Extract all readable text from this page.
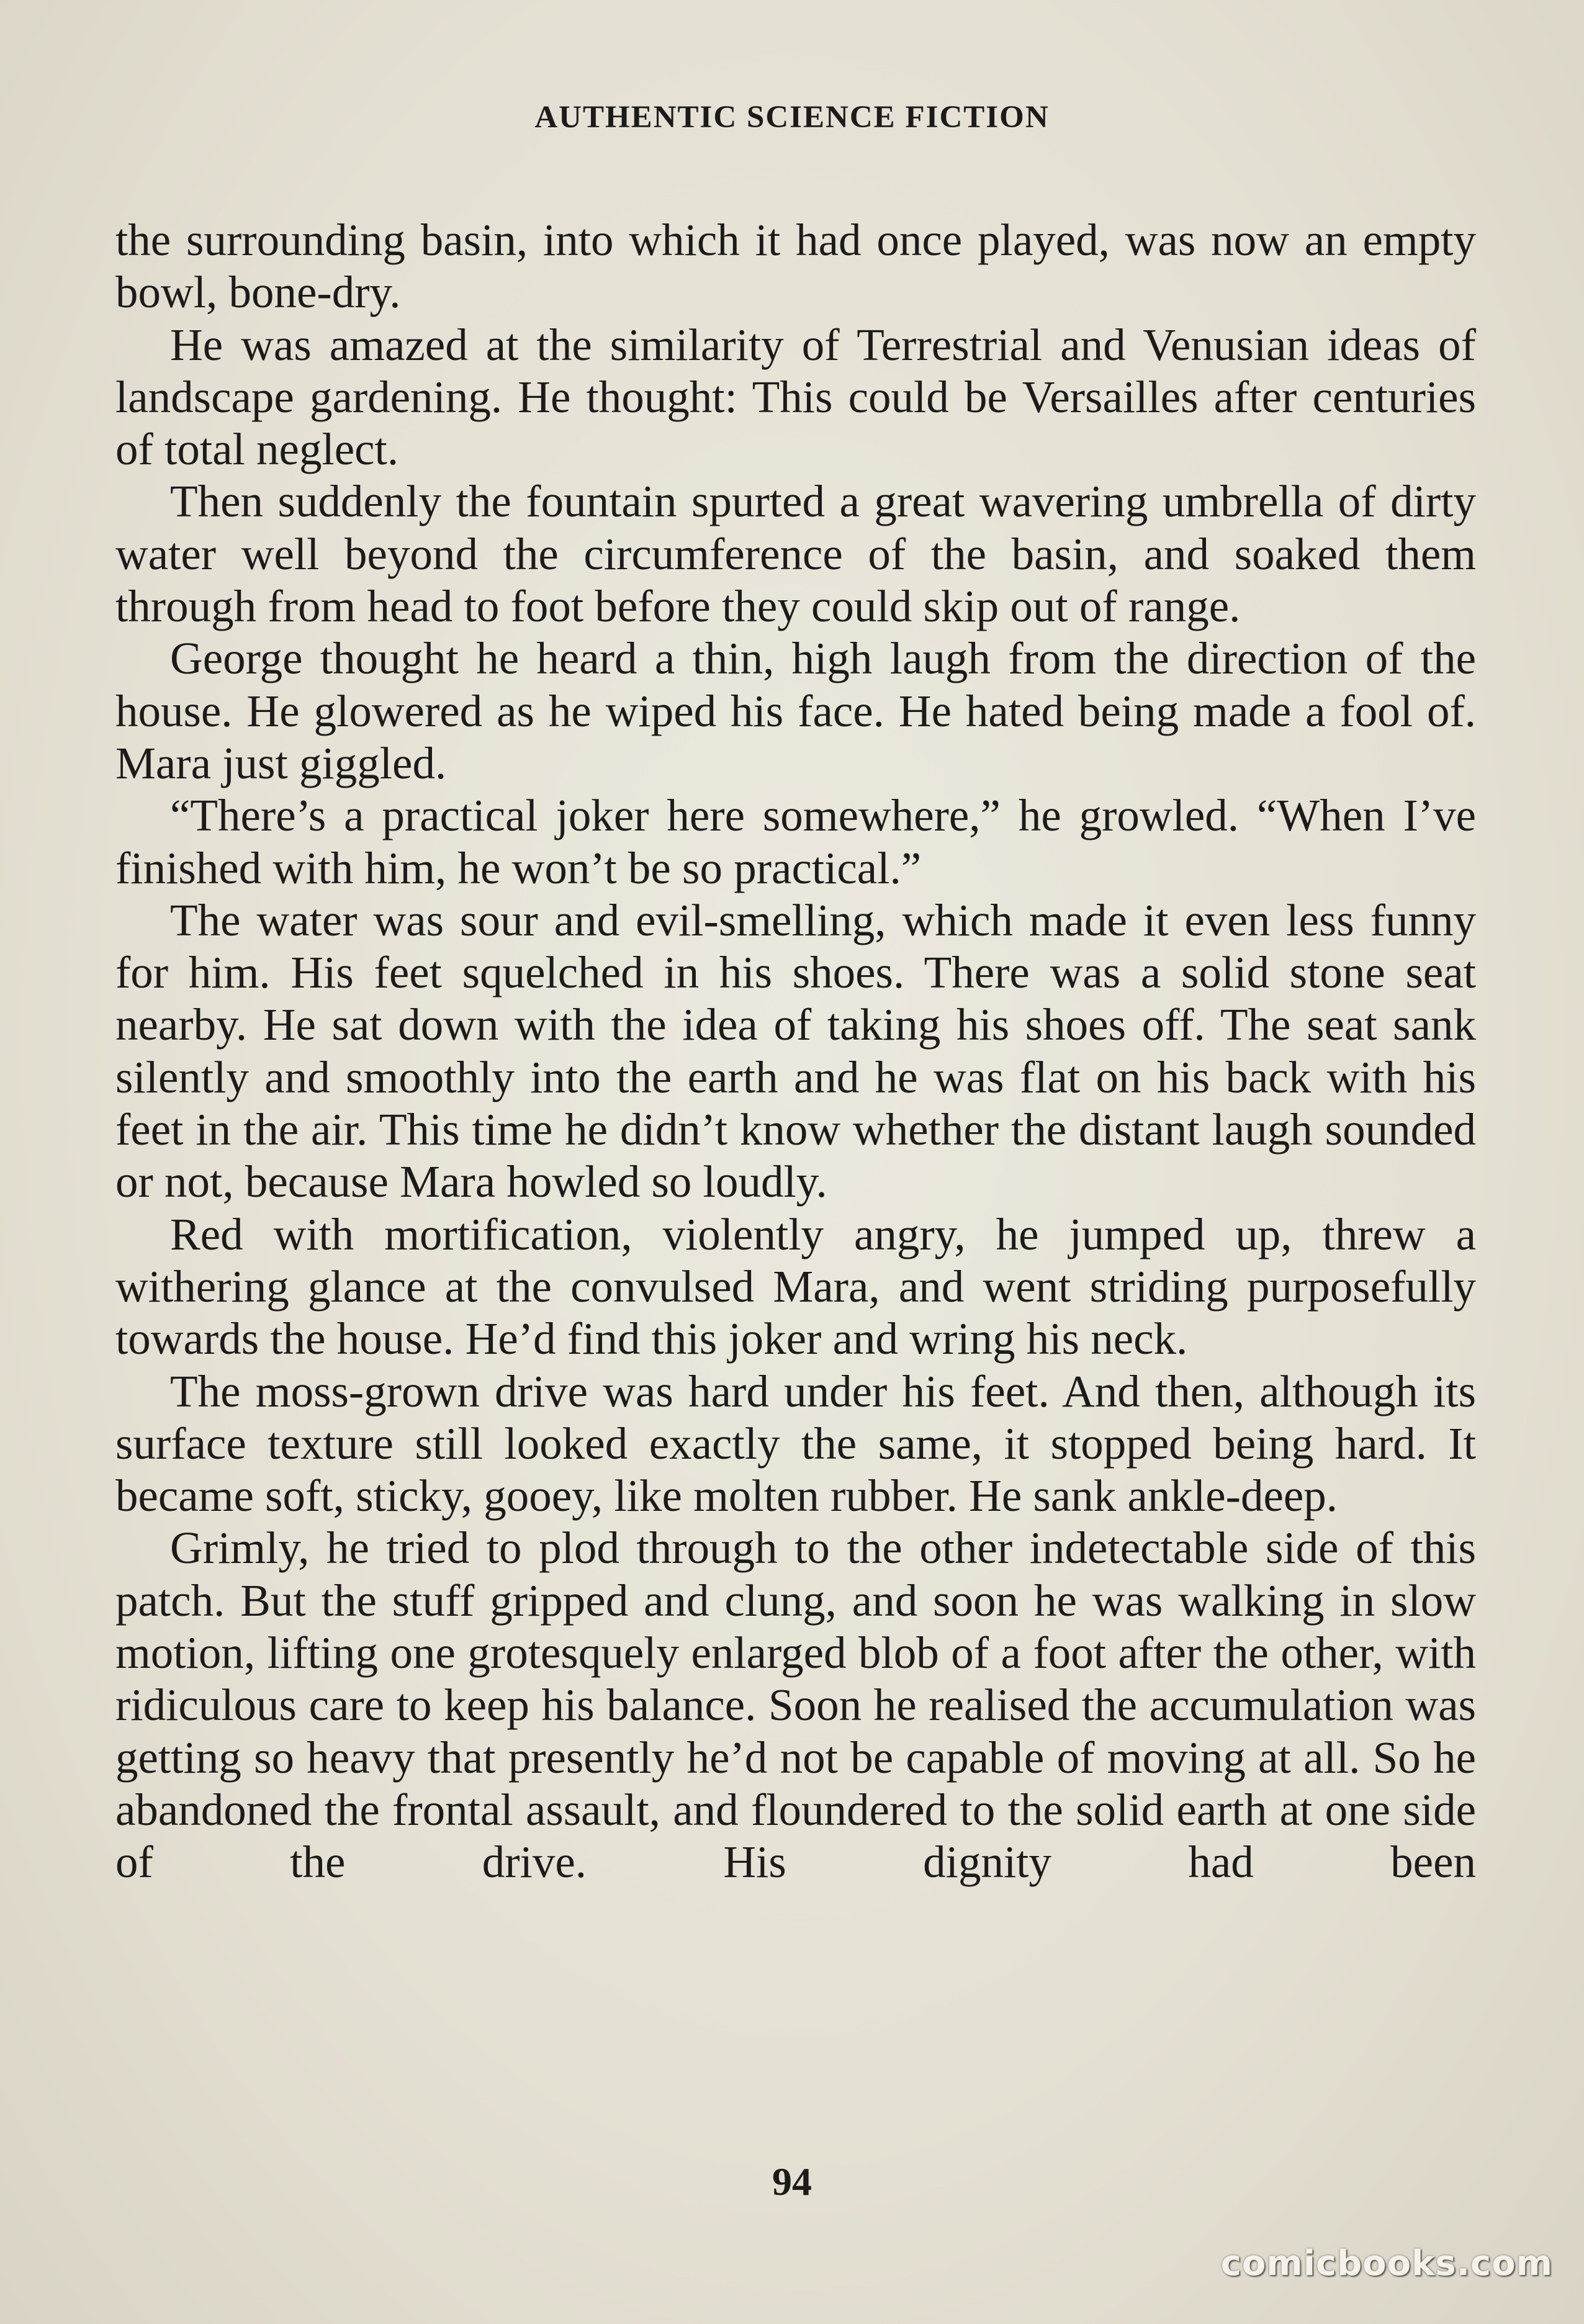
AUTHENTIC SCIENCE FICTION

the surrounding basin, into which it had once played, was now an empty bowl, bone-dry.

He was amazed at the similarity of Terrestrial and Venusian ideas of landscape gardening. He thought: This could be Versailles after centuries of total neglect.

Then suddenly the fountain spurted a great wavering umbrella of dirty water well beyond the circumference of the basin, and soaked them through from head to foot before they could skip out of range.

George thought he heard a thin, high laugh from the direction of the house. He glowered as he wiped his face. He hated being made a fool of. Mara just giggled.

“There’s a practical joker here somewhere,” he growled. “When I’ve finished with him, he won’t be so practical.”

The water was sour and evil-smelling, which made it even less funny for him. His feet squelched in his shoes. There was a solid stone seat nearby. He sat down with the idea of taking his shoes off. The seat sank silently and smoothly into the earth and he was flat on his back with his feet in the air. This time he didn’t know whether the distant laugh sounded or not, because Mara howled so loudly.

Red with mortification, violently angry, he jumped up, threw a withering glance at the convulsed Mara, and went striding purposefully towards the house. He’d find this joker and wring his neck.

The moss-grown drive was hard under his feet. And then, although its surface texture still looked exactly the same, it stopped being hard. It became soft, sticky, gooey, like molten rubber. He sank ankle-deep.

Grimly, he tried to plod through to the other indetectable side of this patch. But the stuff gripped and clung, and soon he was walking in slow motion, lifting one grotesquely enlarged blob of a foot after the other, with ridiculous care to keep his balance. Soon he realised the accumulation was getting so heavy that presently he’d not be capable of moving at all. So he abandoned the frontal assault, and floundered to the solid earth at one side of the drive. His dignity had been

94
comicbooks.com
